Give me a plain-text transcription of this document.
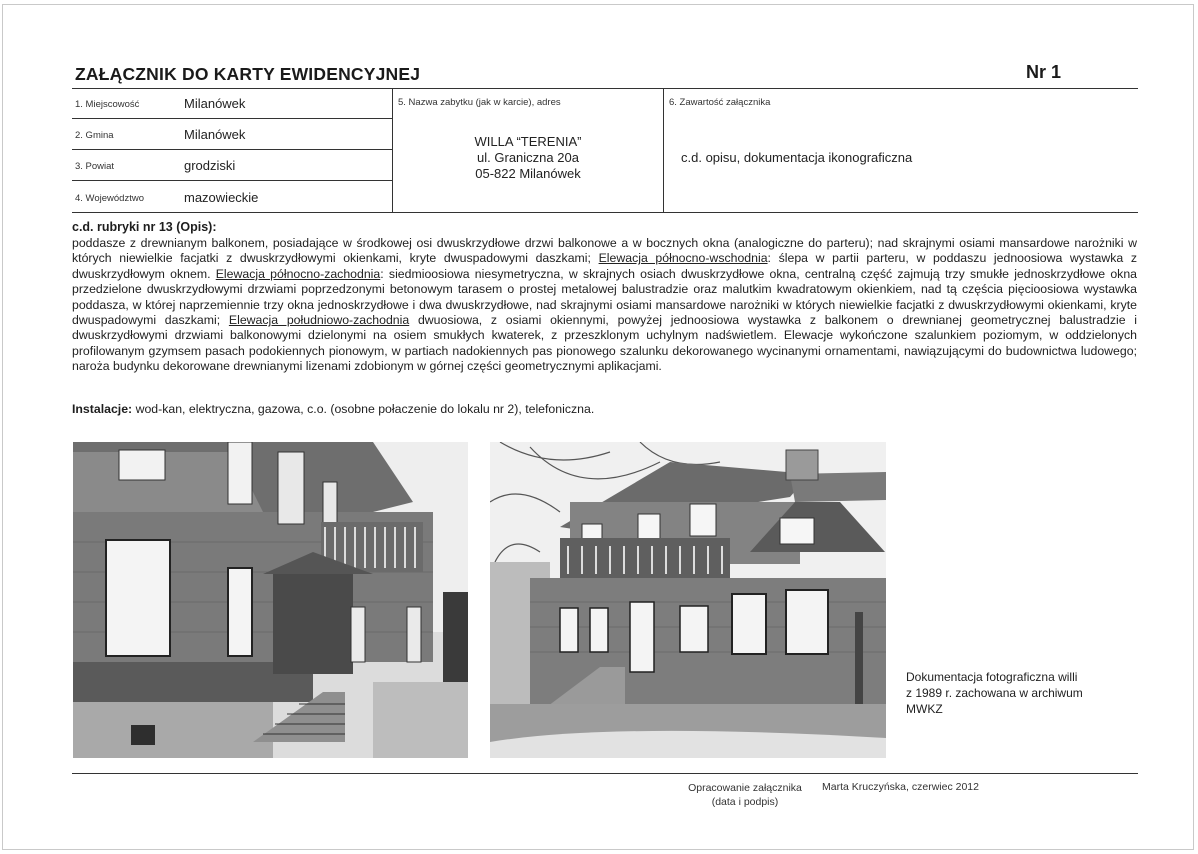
ZAŁĄCZNIK DO KARTY EWIDENCYJNEJ	Nr 1
1. Miejscowość	Milanówek
2. Gmina	Milanówek
3. Powiat	grodziski
4. Województwo	mazowieckie
5. Nazwa zabytku (jak w karcie), adres
WILLA “TERENIA”
ul. Graniczna 20a
05-822 Milanówek
6. Zawartość załącznika
c.d. opisu, dokumentacja ikonograficzna
c.d. rubryki nr 13 (Opis):
poddasze z drewnianym balkonem, posiadające w środkowej osi dwuskrzydłowe drzwi balkonowe a w bocznych okna (analogiczne do parteru); nad skrajnymi osiami mansardowe narożniki w których niewielkie facjatki z dwuskrzydłowymi okienkami, kryte dwuspadowymi daszkami; Elewacja północno-wschodnia: ślepa w partii parteru, w poddaszu jednoosiowa wystawka z dwuskrzydłowym oknem. Elewacja północno-zachodnia: siedmioosiowa niesymetryczna, w skrajnych osiach dwuskrzydłowe okna, centralną część zajmują trzy smukłe jednoskrzydłowe okna przedzielone dwuskrzydłowymi drzwiami poprzedzonymi betonowym tarasem o prostej metalowej balustradzie oraz malutkim kwadratowym okienkiem, nad tą częścia pięcioosiowa wystawka poddasza, w której naprzemiennie trzy okna jednoskrzydłowe i dwa dwuskrzydłowe, nad skrajnymi osiami mansardowe narożniki w których niewielkie facjatki z dwuskrzydłowymi okienkami, kryte dwuspadowymi daszkami; Elewacja południowo-zachodnia dwuosiowa, z osiami okiennymi, powyżej jednoosiowa wystawka z balkonem o drewnianej geometrycznej balustradzie i dwuskrzydłowymi drzwiami balkonowymi dzielonymi na osiem smukłych kwaterek, z przeszklonym uchylnym nadświetlem. Elewacje wykończone szalunkiem poziomym, w oddzielonych profilowanym gzymsem pasach podokiennych pionowym, w partiach nadokiennych pas pionowego szalunku dekorowanego wycinanymi ornamentami, nawiązującymi do budownictwa ludowego; naroża budynku dekorowane drewnianymi lizenami zdobionym w górnej części geometrycznymi aplikacjami.
Instalacje: wod-kan, elektryczna, gazowa, c.o. (osobne połaczenie do lokalu nr 2), telefoniczna.
Dokumentacja fotograficzna willi
z 1989 r. zachowana w archiwum
MWKZ
Opracowanie załącznika
(data i podpis)
Marta Kruczyńska, czerwiec 2012
